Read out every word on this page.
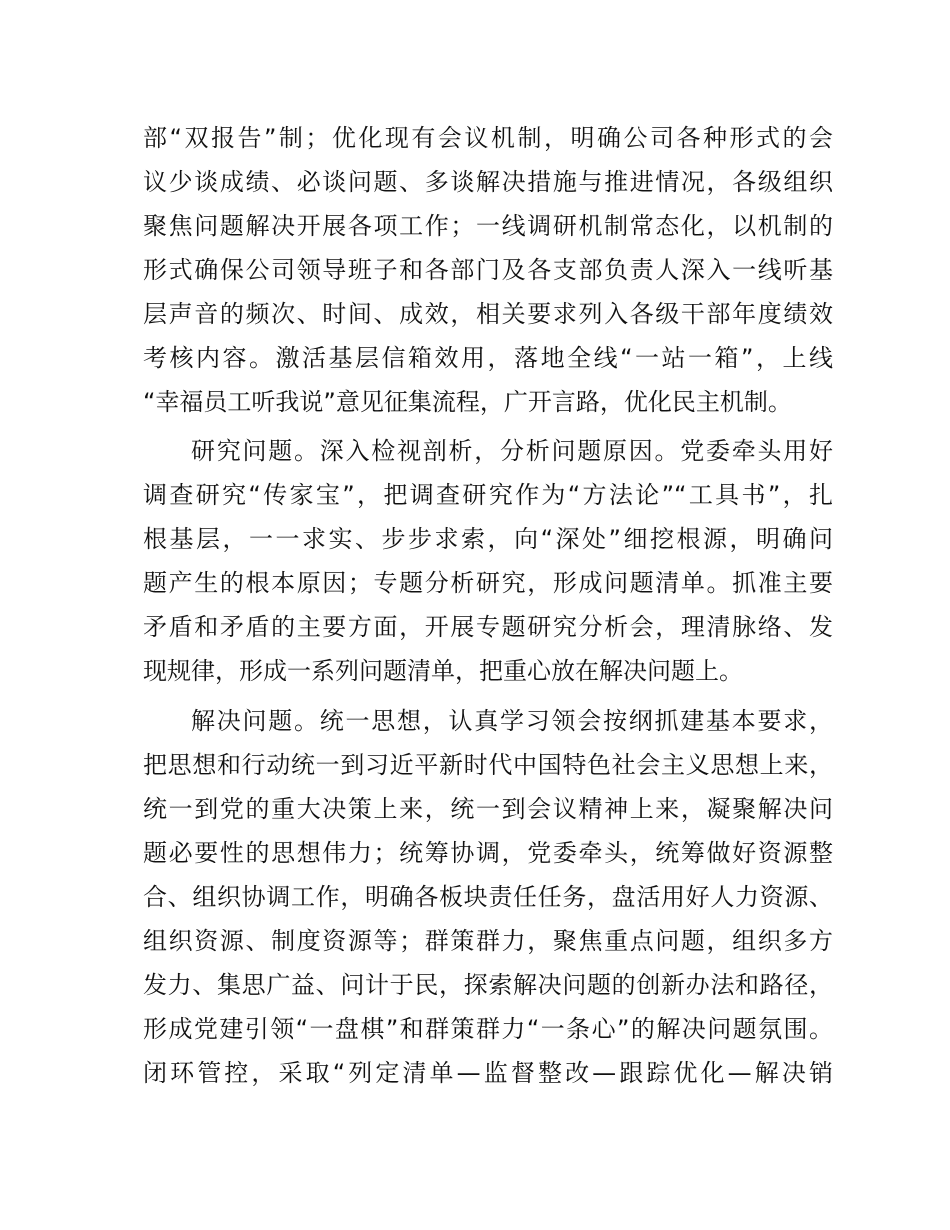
部“双报告”制；优化现有会议机制，明确公司各种形式的会
议少谈成绩、必谈问题、多谈解决措施与推进情况，各级组织
聚焦问题解决开展各项工作；一线调研机制常态化，以机制的
形式确保公司领导班子和各部门及各支部负责人深入一线听基
层声音的频次、时间、成效，相关要求列入各级干部年度绩效
考核内容。激活基层信箱效用，落地全线“一站一箱”，上线
“幸福员工听我说”意见征集流程，广开言路，优化民主机制。
研究问题。深入检视剖析，分析问题原因。党委牵头用好
调查研究“传家宝”，把调查研究作为“方法论”“工具书”，扎
根基层，一一求实、步步求索，向“深处”细挖根源，明确问
题产生的根本原因；专题分析研究，形成问题清单。抓准主要
矛盾和矛盾的主要方面，开展专题研究分析会，理清脉络、发
现规律，形成一系列问题清单，把重心放在解决问题上。
解决问题。统一思想，认真学习领会按纲抓建基本要求，
把思想和行动统一到习近平新时代中国特色社会主义思想上来，
统一到党的重大决策上来，统一到会议精神上来，凝聚解决问
题必要性的思想伟力；统筹协调，党委牵头，统筹做好资源整
合、组织协调工作，明确各板块责任任务，盘活用好人力资源、
组织资源、制度资源等；群策群力，聚焦重点问题，组织多方
发力、集思广益、问计于民，探索解决问题的创新办法和路径，
形成党建引领“一盘棋”和群策群力“一条心”的解决问题氛围。
闭环管控，采取“列定清单—监督整改—跟踪优化—解决销
